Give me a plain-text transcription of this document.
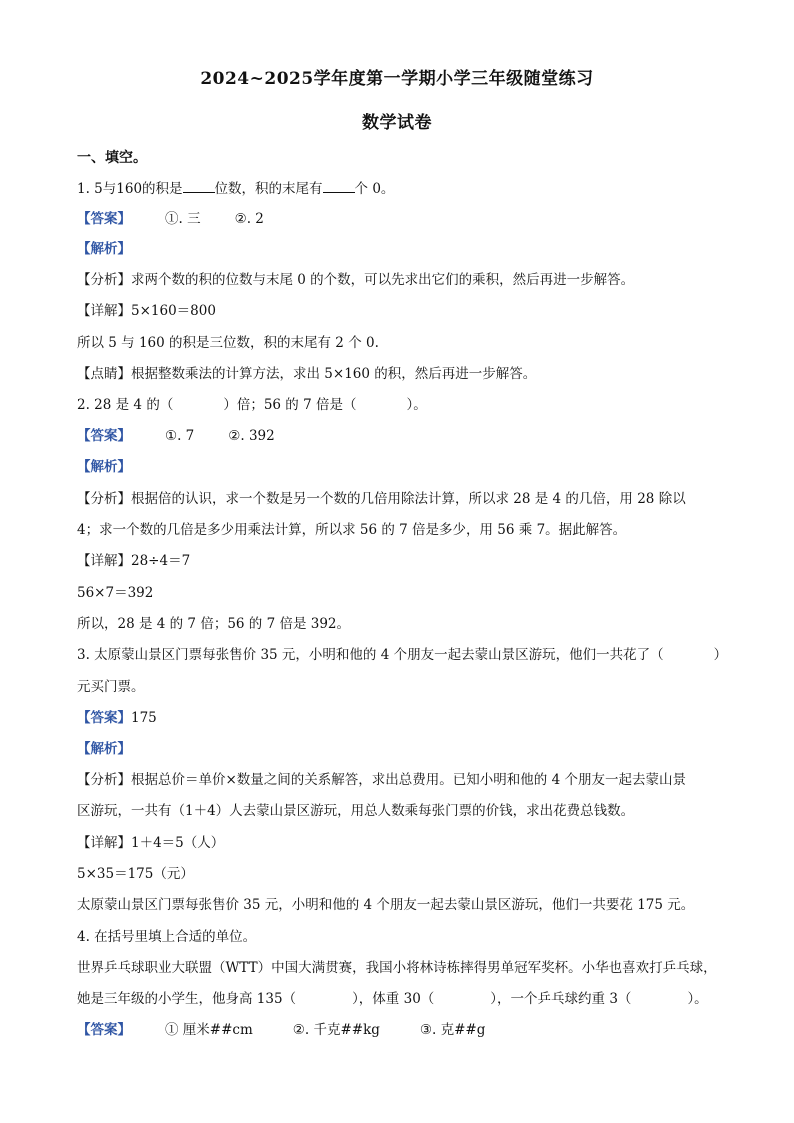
2024~2025学年度第一学期小学三年级随堂练习
数学试卷
一、填空。
1. 5与160的积是 位数，积的末尾有 个 0。
【答案】	①. 三	②. 2
【解析】
【分析】求两个数的积的位数与末尾 0 的个数，可以先求出它们的乘积，然后再进一步解答。
【详解】5×160＝800
所以 5 与 160 的积是三位数，积的末尾有 2 个 0.
【点睛】根据整数乘法的计算方法，求出 5×160 的积，然后再进一步解答。
2. 28 是 4 的（	）倍；56 的 7 倍是（	）。
【答案】	①. 7	②. 392
【解析】
【分析】根据倍的认识，求一个数是另一个数的几倍用除法计算，所以求 28 是 4 的几倍，用 28 除以
4；求一个数的几倍是多少用乘法计算，所以求 56 的 7 倍是多少，用 56 乘 7。据此解答。
【详解】28÷4＝7
56×7＝392
所以，28 是 4 的 7 倍；56 的 7 倍是 392。
3. 太原蒙山景区门票每张售价 35 元，小明和他的 4 个朋友一起去蒙山景区游玩，他们一共花了（	）
元买门票。
【答案】175
【解析】
【分析】根据总价＝单价×数量之间的关系解答，求出总费用。已知小明和他的 4 个朋友一起去蒙山景
区游玩，一共有（1＋4）人去蒙山景区游玩，用总人数乘每张门票的价钱，求出花费总钱数。
【详解】1＋4＝5（人）
5×35＝175（元）
太原蒙山景区门票每张售价 35 元，小明和他的 4 个朋友一起去蒙山景区游玩，他们一共要花 175 元。
4. 在括号里填上合适的单位。
世界乒乓球职业大联盟（WTT）中国大满贯赛，我国小将林诗栋摔得男单冠军奖杯。小华也喜欢打乒乓球，
她是三年级的小学生，他身高 135（	），体重 30（	），一个乒乓球约重 3（	）。
【答案】	① 厘米##cm	②. 千克##kg	③. 克##g
